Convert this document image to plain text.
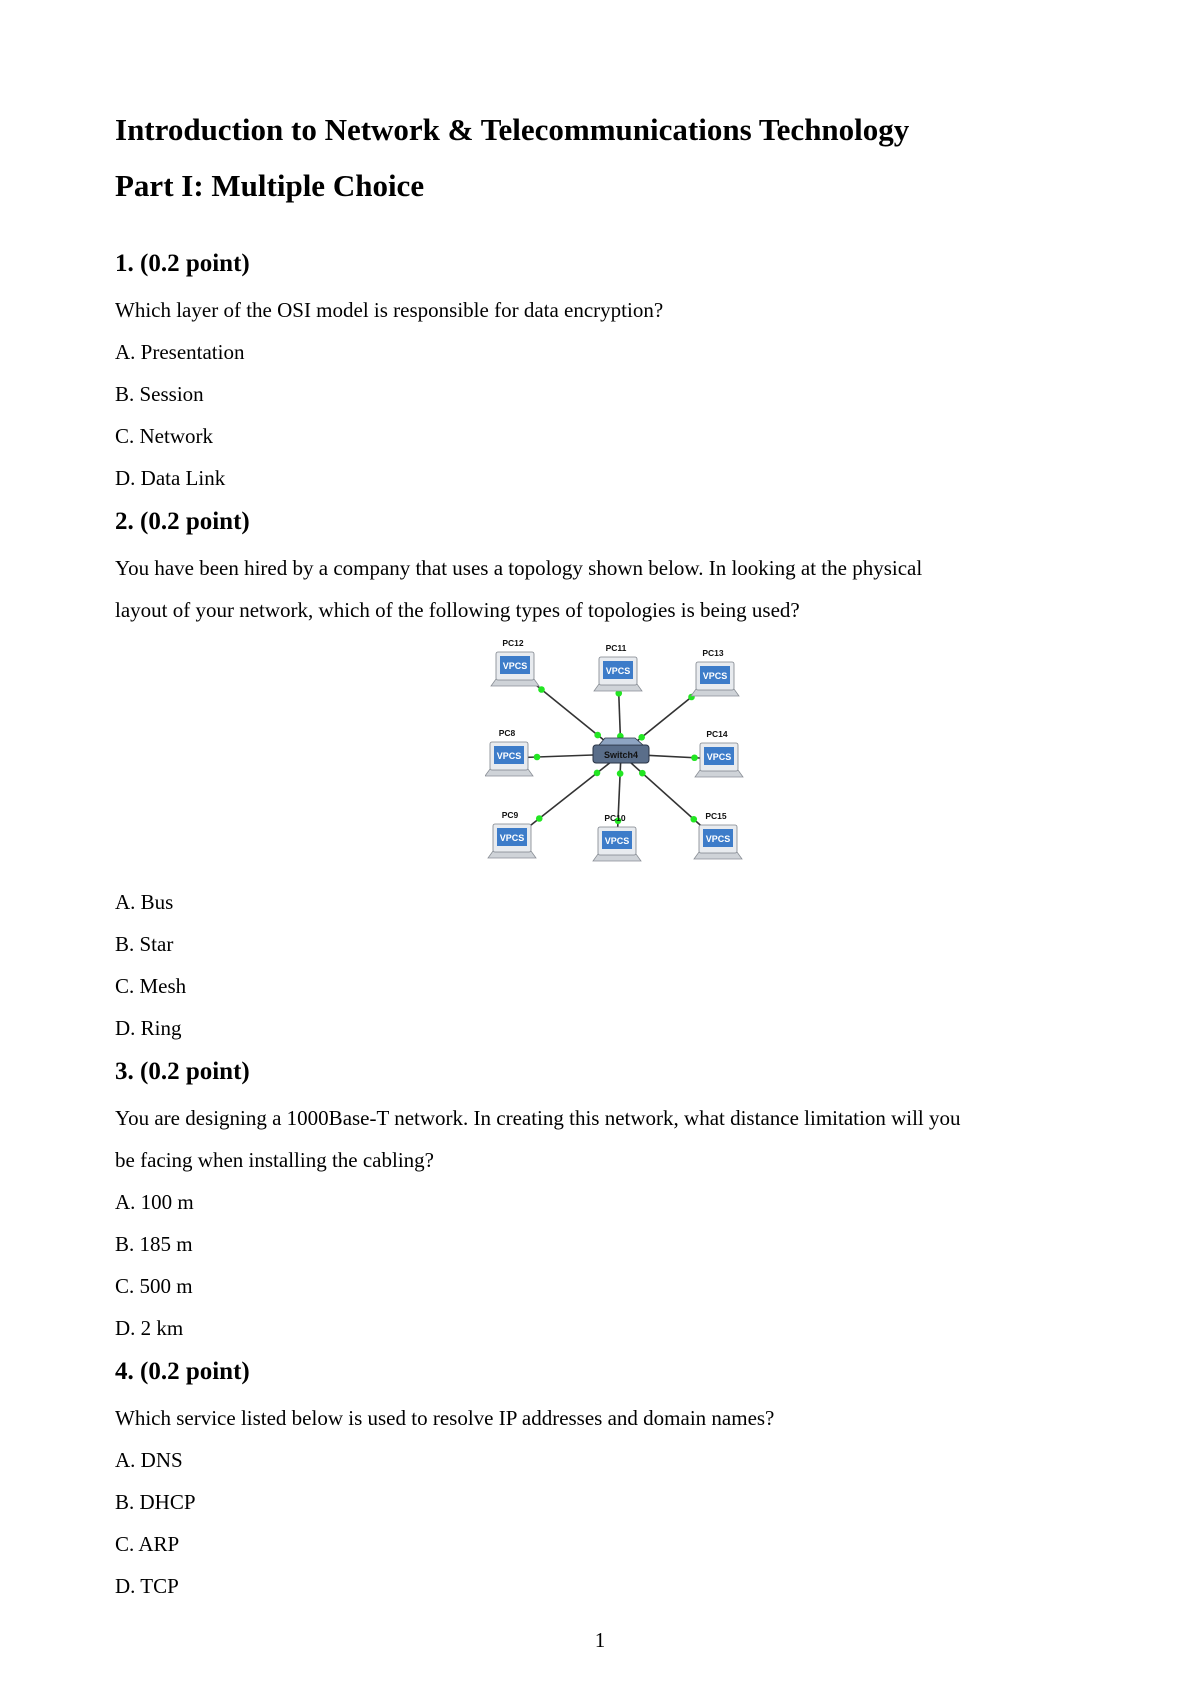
Introduction to Network & Telecommunications Technology
Part I: Multiple Choice
1. (0.2 point)

Which layer of the OSI model is responsible for data encryption?

A. Presentation

B. Session

C. Network

D. Data Link

2. (0.2 point)

You have been hired by a company that uses a topology shown below. In looking at the physical

layout of your network, which of the following types of topologies is being used?

Switch4
VPCS
PC12
VPCS
PC11
VPCS
PC13
VPCS
PC8
VPCS
PC14
VPCS
PC9
VPCS
PC10
VPCS
PC15

A. Bus

B. Star

C. Mesh

D. Ring

3. (0.2 point)

You are designing a 1000Base-T network. In creating this network, what distance limitation will you

be facing when installing the cabling?

A. 100 m

B. 185 m

C. 500 m

D. 2 km

4. (0.2 point)

Which service listed below is used to resolve IP addresses and domain names?

A. DNS

B. DHCP

C. ARP

D. TCP

1
